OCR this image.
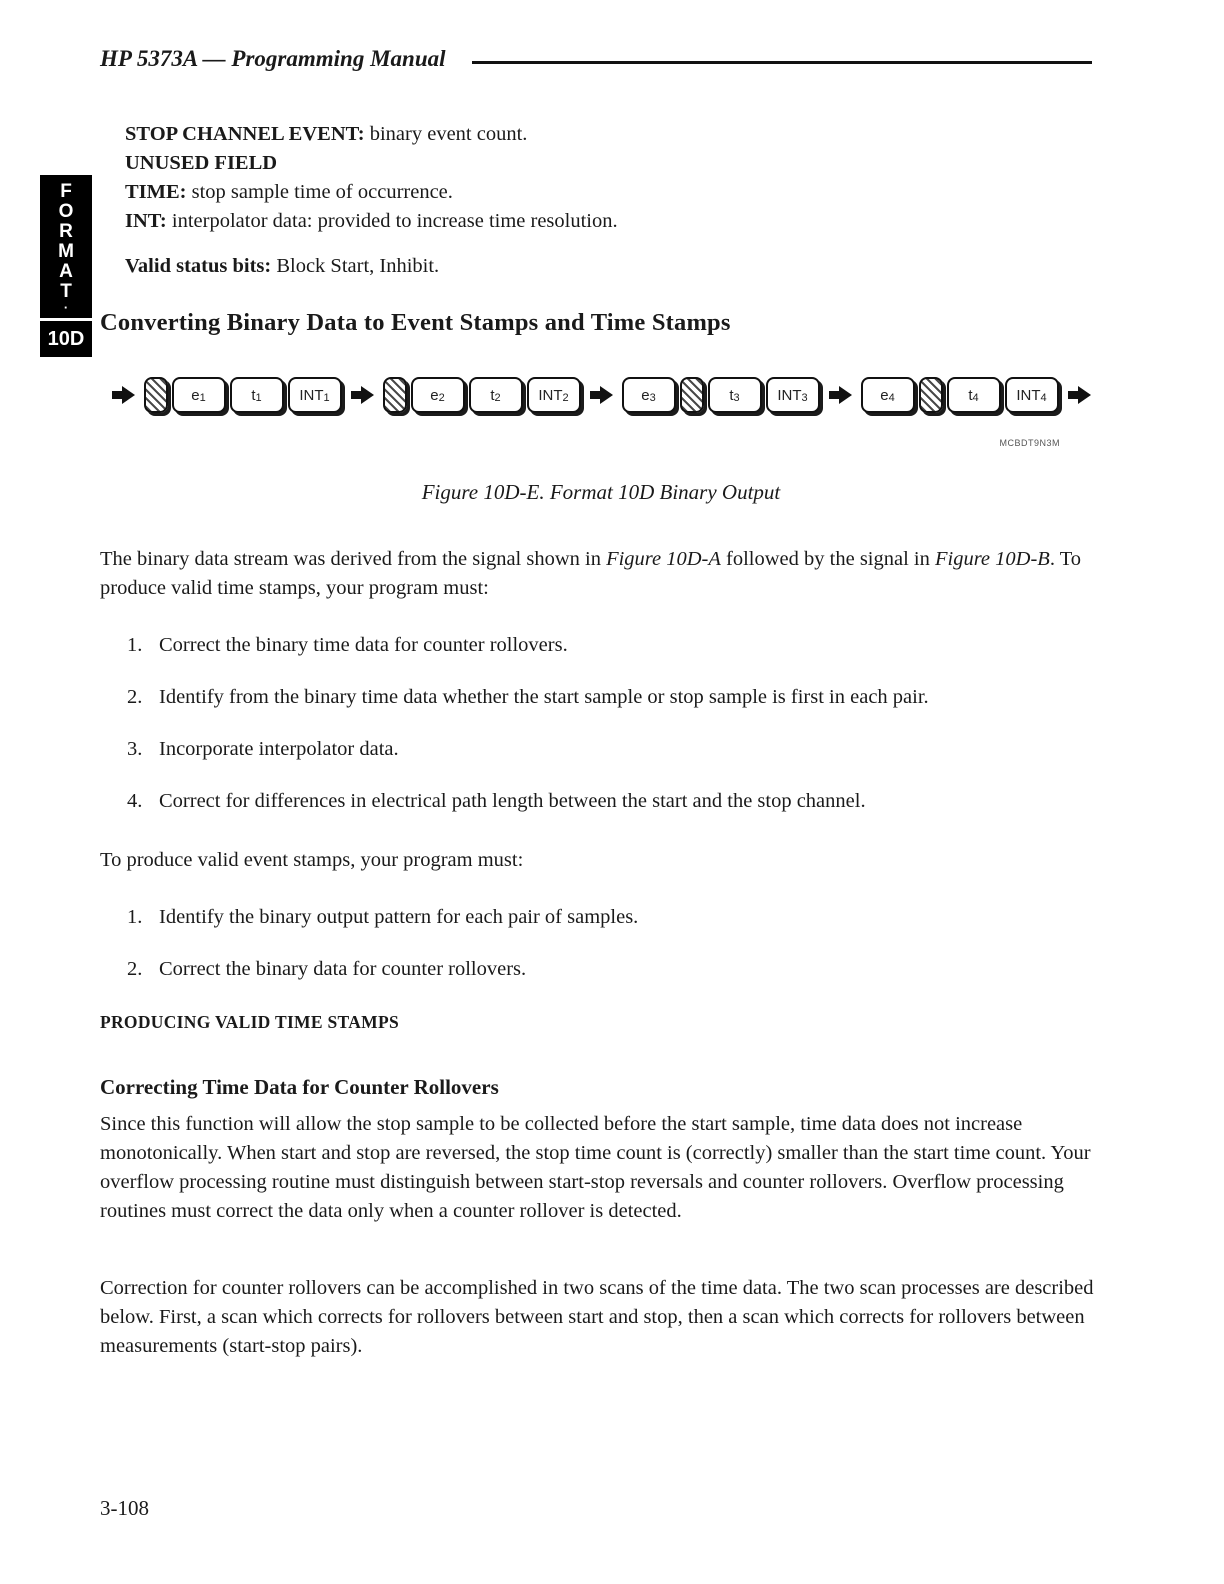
HP 5373A — Programming Manual
F
O
R
M
A
T
·
10D

STOP CHANNEL EVENT: binary event count.

UNUSED FIELD

TIME: stop sample time of occurrence.

INT: interpolator data: provided to increase time resolution.

Valid status bits: Block Start, Inhibit.

Converting Binary Data to Event Stamps and Time Stamps
$e_1$	$t_1$	$INT_1$	$e_2$	$t_2$	$INT_2$	$e_3$	$t_3$	$INT_3$	$e_4$	$t_4$	$INT_4$
MCBDT9N3M
Figure 10D-E. Format 10D Binary Output

The binary data stream was derived from the signal shown in Figure 10D-A followed by the signal in Figure 10D-B. To produce valid time stamps, your program must:

Correct the binary time data for counter rollovers.
Identify from the binary time data whether the start sample or stop sample is first in each pair.
Incorporate interpolator data.
Correct for differences in electrical path length between the start and the stop channel.

To produce valid event stamps, your program must:

Identify the binary output pattern for each pair of samples.
Correct the binary data for counter rollovers.
PRODUCING VALID TIME STAMPS
Correcting Time Data for Counter Rollovers

Since this function will allow the stop sample to be collected before the start sample, time data does not increase monotonically. When start and stop are reversed, the stop time count is (correctly) smaller than the start time count. Your overflow processing routine must distinguish between start-stop reversals and counter rollovers. Overflow processing routines must correct the data only when a counter rollover is detected.

Correction for counter rollovers can be accomplished in two scans of the time data. The two scan processes are described below. First, a scan which corrects for rollovers between start and stop, then a scan which corrects for rollovers between measurements (start-stop pairs).

3-108
